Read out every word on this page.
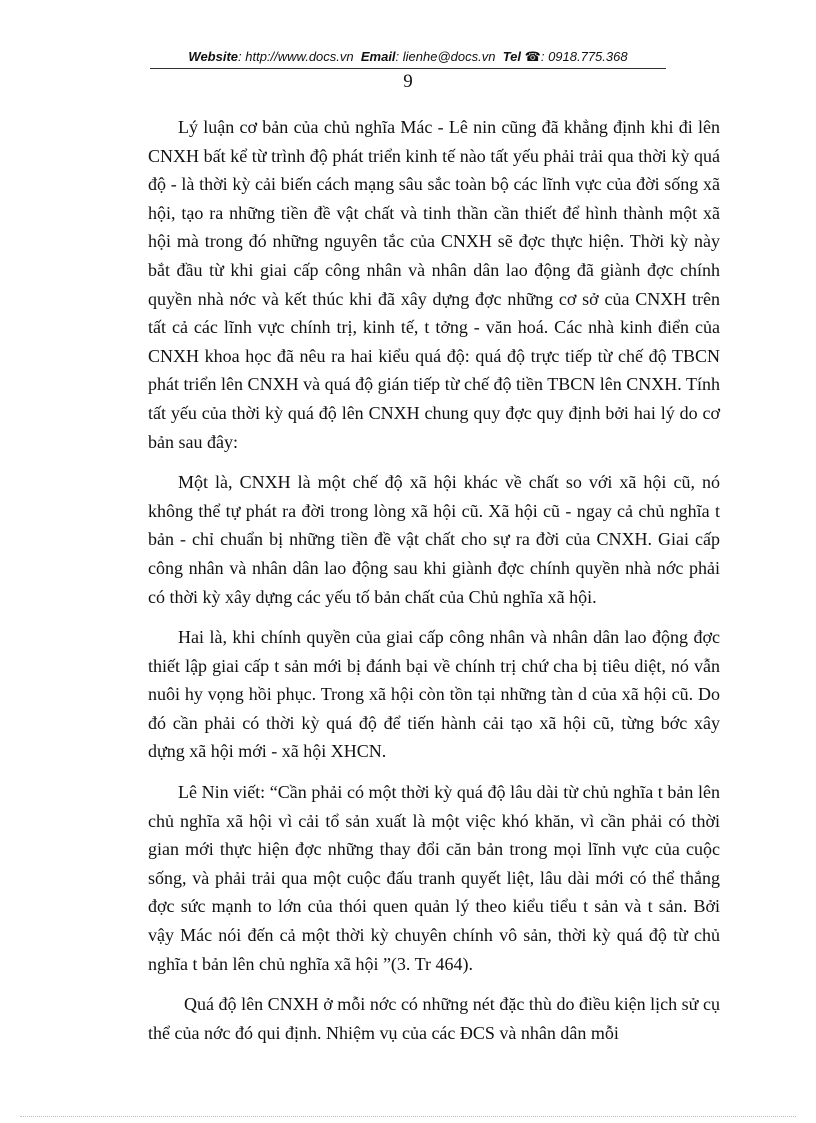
Website: http://www.docs.vn Email: lienhe@docs.vn Tel ☎: 0918.775.368
9

Lý luận cơ bản của chủ nghĩa Mác - Lê nin cũng đã khẳng định khi đi lên CNXH bất kể từ trình độ phát triển kinh tế nào tất yếu phải trải qua thời kỳ quá độ - là thời kỳ cải biến cách mạng sâu sắc toàn bộ các lĩnh vực của đời sống xã hội, tạo ra những tiền đề vật chất và tinh thần cần thiết để hình thành một xã hội mà trong đó những nguyên tắc của CNXH sẽ đợc thực hiện. Thời kỳ này bắt đầu từ khi giai cấp công nhân và nhân dân lao động đã giành đợc chính quyền nhà nớc và kết thúc khi đã xây dựng đợc những cơ sở của CNXH trên tất cả các lĩnh vực chính trị, kinh tế, t tởng - văn hoá. Các nhà kinh điển của CNXH khoa học đã nêu ra hai kiểu quá độ: quá độ trực tiếp từ chế độ TBCN phát triển lên CNXH và quá độ gián tiếp từ chế độ tiền TBCN lên CNXH. Tính tất yếu của thời kỳ quá độ lên CNXH chung quy đợc quy định bởi hai lý do cơ bản sau đây:

Một là, CNXH là một chế độ xã hội khác về chất so với xã hội cũ, nó không thể tự phát ra đời trong lòng xã hội cũ. Xã hội cũ - ngay cả chủ nghĩa t bản - chỉ chuẩn bị những tiền đề vật chất cho sự ra đời của CNXH. Giai cấp công nhân và nhân dân lao động sau khi giành đợc chính quyền nhà nớc phải có thời kỳ xây dựng các yếu tố bản chất của Chủ nghĩa xã hội.

Hai là, khi chính quyền của giai cấp công nhân và nhân dân lao động đợc thiết lập giai cấp t sản mới bị đánh bại về chính trị chứ cha bị tiêu diệt, nó vẫn nuôi hy vọng hồi phục. Trong xã hội còn tồn tại những tàn d của xã hội cũ. Do đó cần phải có thời kỳ quá độ để tiến hành cải tạo xã hội cũ, từng bớc xây dựng xã hội mới - xã hội XHCN.

Lê Nin viết: “Cần phải có một thời kỳ quá độ lâu dài từ chủ nghĩa t bản lên chủ nghĩa xã hội vì cải tổ sản xuất là một việc khó khăn, vì cần phải có thời gian mới thực hiện đợc những thay đổi căn bản trong mọi lĩnh vực của cuộc sống, và phải trải qua một cuộc đấu tranh quyết liệt, lâu dài mới có thể thắng đợc sức mạnh to lớn của thói quen quản lý theo kiểu tiểu t sản và t sản. Bởi vậy Mác nói đến cả một thời kỳ chuyên chính vô sản, thời kỳ quá độ từ chủ nghĩa t bản lên chủ nghĩa xã hội ”(3. Tr 464).

Quá độ lên CNXH ở mỗi nớc có những nét đặc thù do điều kiện lịch sử cụ thể của nớc đó qui định. Nhiệm vụ của các ĐCS và nhân dân mỗi
